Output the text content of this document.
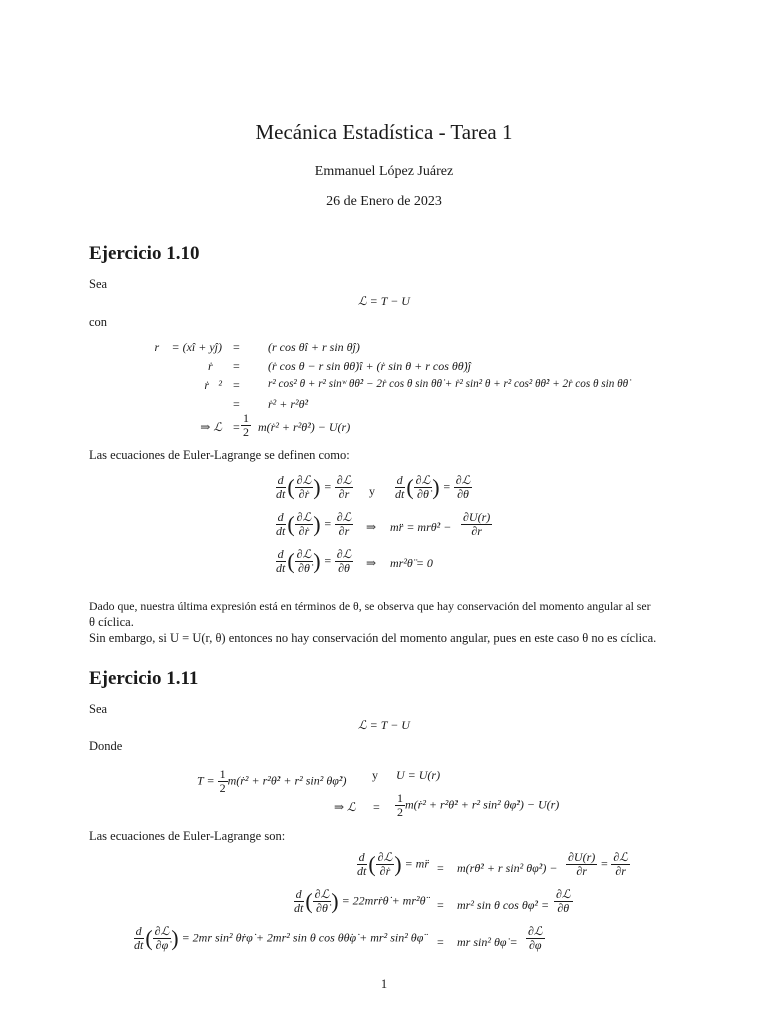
Mecánica Estadística - Tarea 1
Emmanuel López Juárez
26 de Enero de 2023
Ejercicio 1.10
Sea
ℒ = T − U
con
r⃗ = (xî + yĵ) = (r cos θî + r sin θĵ)
ṙ⃗ = (ṙ cos θ − r sin θθ̇)î + (ṙ sin θ + r cos θθ̇)ĵ
ṙ⃗² =	r² cos² θ + r² sinʷ θθ̇² − 2ṙ cos θ sin θθ̇ + ṙ² sin² θ + r² cos² θθ̇² + 2ṙ cos θ sin θθ̇
= ṙ² + r²θ̇²
⇒ ℒ = $\frac{1}{2}$ m(ṙ² + r²θ̇²) − U(r)
Las ecuaciones de Euler-Lagrange se definen como:
$\frac{d}{dt}$ ( $\frac{\text{∂ℒ}}{\text{∂ṙ}}$ ) = $\frac{\text{∂ℒ}}{\partial r}$ y $\frac{d}{dt}$ ( $\frac{\text{∂ℒ}}{\partial\thetȧ}$ ) = $\frac{\text{∂ℒ}}{\partial\theta}$
$\frac{d}{dt}$ ( $\frac{\text{∂ℒ}}{\text{∂ṙ}}$ ) = $\frac{\text{∂ℒ}}{\partial r}$ ⇒ mr̈ = mrθ̇² − $\frac{\partial U(r)}{\partial r}$
$\frac{d}{dt}$ ( $\frac{\text{∂ℒ}}{\partial\thetȧ}$ ) = $\frac{\text{∂ℒ}}{\partial\theta}$ ⇒ mr²θ̈ = 0
Dado que, nuestra última expresión está en términos de θ, se observa que hay conservación del momento angular al ser
θ cíclica.
Sin embargo, si U = U(r, θ) entonces no hay conservación del momento angular, pues en este caso θ no es cíclica.
Ejercicio 1.11
Sea
ℒ = T − U
Donde
$T = \frac{1}{2}$ m(ṙ² + r²θ̇² + r² sin² θφ̇²) y U = U(r)
⇒ ℒ = $\frac{1}{2}$ m(ṙ² + r²θ̇² + r² sin² θφ̇²) − U(r)
Las ecuaciones de Euler-Lagrange son:
$\frac{d}{dt}$ ( $\frac{\text{∂ℒ}}{\text{∂ṙ}}$ ) = mr̈ = m(rθ̇² + r sin² θφ̇²) − $\frac{\partial U(r)}{\partial r} = \frac{\text{∂ℒ}}{\partial r}$
$\frac{d}{dt}$ ( $\frac{\text{∂ℒ}}{\partial\thetȧ}$ ) = 22mrṙθ̇ + mr²θ̈ = mr² sin θ cos θφ̇² = $\frac{\text{∂ℒ}}{\partial\theta}$
$\frac{d}{dt}$ ( $\frac{\text{∂ℒ}}{\partial\varphi̇}$ ) = 2mr sin² θṙφ̇ + 2mr² sin θ cos θθ̇φ̇ + mr² sin² θφ̈ = mr sin² θφ̇ = $\frac{\text{∂ℒ}}{\partial\varphi}$
1
